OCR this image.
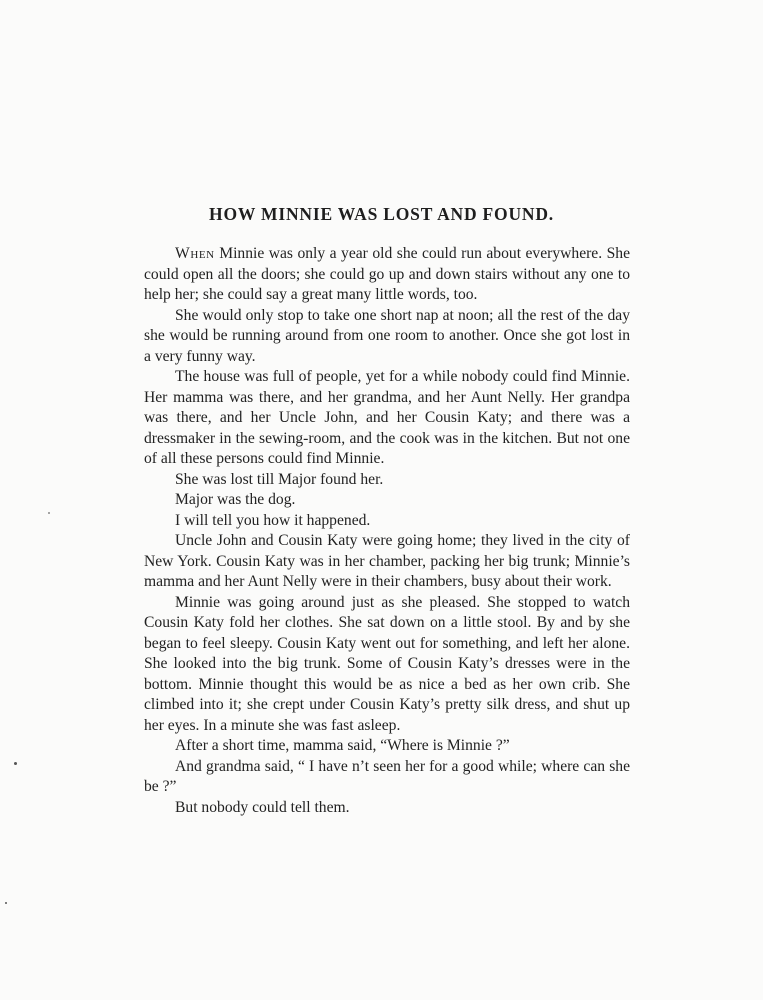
HOW MINNIE WAS LOST AND FOUND.

When Minnie was only a year old she could run about everywhere. She could open all the doors; she could go up and down stairs without any one to help her; she could say a great many little words, too.

She would only stop to take one short nap at noon; all the rest of the day she would be running around from one room to another. Once she got lost in a very funny way.

The house was full of people, yet for a while nobody could find Minnie. Her mamma was there, and her grandma, and her Aunt Nelly. Her grandpa was there, and her Uncle John, and her Cousin Katy; and there was a dressmaker in the sewing-room, and the cook was in the kitchen. But not one of all these persons could find Minnie.

She was lost till Major found her.

Major was the dog.

I will tell you how it happened.

Uncle John and Cousin Katy were going home; they lived in the city of New York. Cousin Katy was in her chamber, packing her big trunk; Minnie’s mamma and her Aunt Nelly were in their chambers, busy about their work.

Minnie was going around just as she pleased. She stopped to watch Cousin Katy fold her clothes. She sat down on a little stool. By and by she began to feel sleepy. Cousin Katy went out for something, and left her alone. She looked into the big trunk. Some of Cousin Katy’s dresses were in the bottom. Minnie thought this would be as nice a bed as her own crib. She climbed into it; she crept under Cousin Katy’s pretty silk dress, and shut up her eyes. In a minute she was fast asleep.

After a short time, mamma said, “Where is Minnie ?”

And grandma said, “ I have n’t seen her for a good while; where can she be ?”

But nobody could tell them.
